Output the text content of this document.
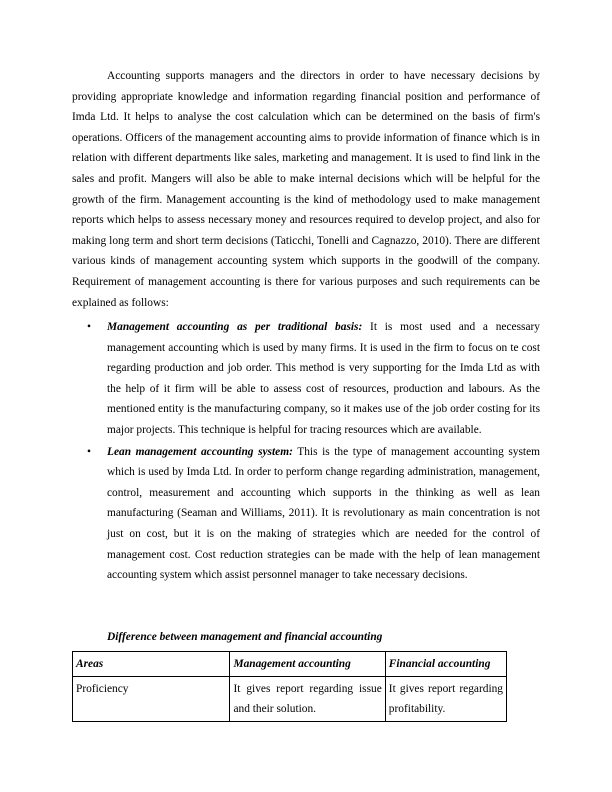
Accounting supports managers and the directors in order to have necessary decisions by providing appropriate knowledge and information regarding financial position and performance of Imda Ltd. It helps to analyse the cost calculation which can be determined on the basis of firm's operations. Officers of the management accounting aims to provide information of finance which is in relation with different departments like sales, marketing and management. It is used to find link in the sales and profit. Mangers will also be able to make internal decisions which will be helpful for the growth of the firm. Management accounting is the kind of methodology used to make management reports which helps to assess necessary money and resources required to develop project, and also for making long term and short term decisions (Taticchi, Tonelli and Cagnazzo, 2010). There are different various kinds of management accounting system which supports in the goodwill of the company. Requirement of management accounting is there for various purposes and such requirements can be explained as follows:

• Management accounting as per traditional basis: It is most used and a necessary management accounting which is used by many firms. It is used in the firm to focus on te cost regarding production and job order. This method is very supporting for the Imda Ltd as with the help of it firm will be able to assess cost of resources, production and labours. As the mentioned entity is the manufacturing company, so it makes use of the job order costing for its major projects. This technique is helpful for tracing resources which are available.
• Lean management accounting system: This is the type of management accounting system which is used by Imda Ltd. In order to perform change regarding administration, management, control, measurement and accounting which supports in the thinking as well as lean manufacturing (Seaman and Williams, 2011). It is revolutionary as main concentration is not just on cost, but it is on the making of strategies which are needed for the control of management cost. Cost reduction strategies can be made with the help of lean management accounting system which assist personnel manager to take necessary decisions.

Difference between management and financial accounting

Areas	Management accounting	Financial accounting
Proficiency	It gives report regarding issue and their solution.	It gives report regarding profitability.
